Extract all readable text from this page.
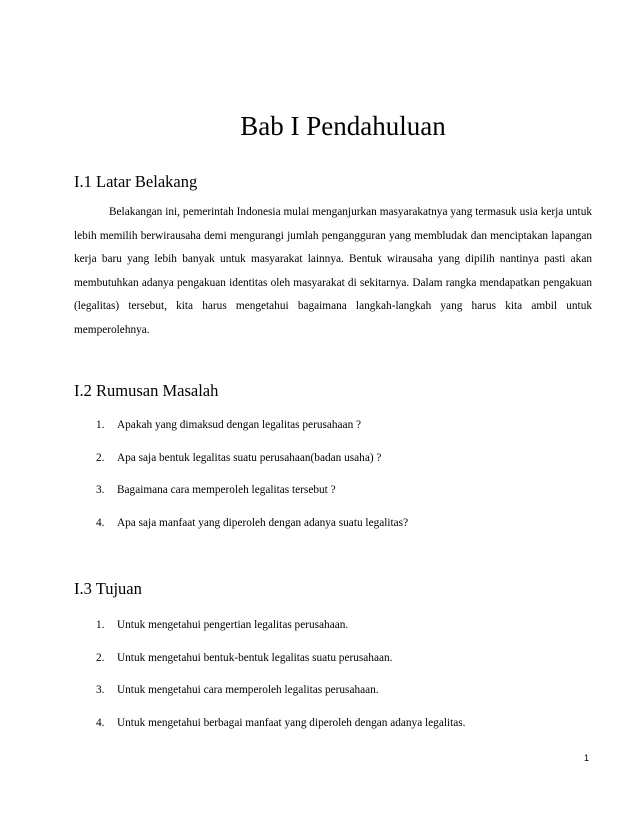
Bab I Pendahuluan
I.1 Latar Belakang

Belakangan ini, pemerintah Indonesia mulai menganjurkan masyarakatnya yang termasuk usia kerja untuk lebih memilih berwirausaha demi mengurangi jumlah pengangguran yang membludak dan menciptakan lapangan kerja baru yang lebih banyak untuk masyarakat lainnya. Bentuk wirausaha yang dipilih nantinya pasti akan membutuhkan adanya pengakuan identitas oleh masyarakat di sekitarnya. Dalam rangka mendapatkan pengakuan (legalitas) tersebut, kita harus mengetahui bagaimana langkah-langkah yang harus kita ambil untuk memperolehnya.

I.2 Rumusan Masalah
1. Apakah yang dimaksud dengan legalitas perusahaan ?
2. Apa saja bentuk legalitas suatu perusahaan(badan usaha) ?
3. Bagaimana cara memperoleh legalitas tersebut ?
4. Apa saja manfaat yang diperoleh dengan adanya suatu legalitas?
I.3 Tujuan
1. Untuk mengetahui pengertian legalitas perusahaan.
2. Untuk mengetahui bentuk-bentuk legalitas suatu perusahaan.
3. Untuk mengetahui cara memperoleh legalitas perusahaan.
4. Untuk mengetahui berbagai manfaat yang diperoleh dengan adanya legalitas.
1
